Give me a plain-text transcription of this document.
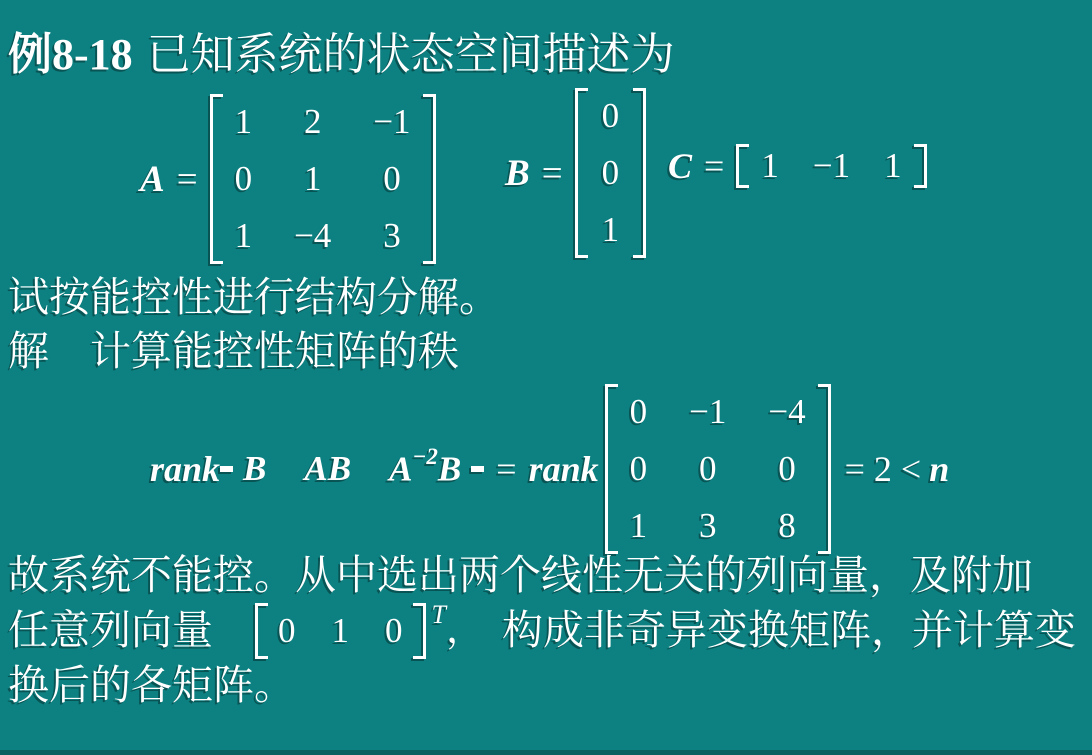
例8-18 已知系统的状态空间描述为
A =
1 2 −1
0 1 0
1 −4 3
B =
0
0
1
C = 1 −1 1
试按能控性进行结构分解。
解　计算能控性矩阵的秩
rank B AB $A^{-2}B$ = rank
0 −1 −4
0 0 0
1 3 8
= 2 < n
故系统不能控。从中选出两个线性无关的列向量，及附加
任意列向量 0 1 0 T ， 构成非奇异变换矩阵，并计算变
换后的各矩阵。
